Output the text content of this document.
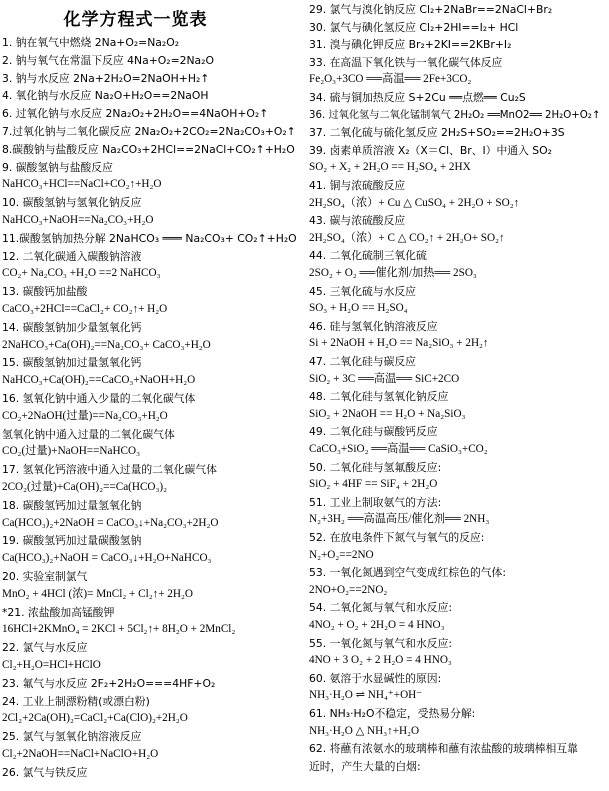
化学方程式一览表
1. 钠在氧气中燃烧 2Na+O₂=Na₂O₂
2. 钠与氧气在常温下反应 4Na+O₂=2Na₂O
3. 钠与水反应 2Na+2H₂O=2NaOH+H₂↑
4. 氧化钠与水反应 Na₂O+H₂O==2NaOH
6. 过氧化钠与水反应 2Na₂O₂+2H₂O==4NaOH+O₂↑
7.过氧化钠与二氧化碳反应 2Na₂O₂+2CO₂=2Na₂CO₃+O₂↑
8.碳酸钠与盐酸反应 Na₂CO₃+2HCl==2NaCl+CO₂↑+H₂O
9. 碳酸氢钠与盐酸反应
NaHCO₃+HCl==NaCl+CO₂↑+H₂O
10. 碳酸氢钠与氢氧化钠反应
NaHCO₃+NaOH==Na₂CO₃+H₂O
11.碳酸氢钠加热分解 2NaHCO₃ ═══ Na₂CO₃+ CO₂↑+H₂O
12. 二氧化碳通入碳酸钠溶液
CO₂+ Na₂CO₃ +H₂O ==2 NaHCO₃
13. 碳酸钙加盐酸
CaCO₃+2HCl==CaCl₂+ CO₂↑+ H₂O
14. 碳酸氢钠加少量氢氧化钙
2NaHCO₃+Ca(OH)₂==Na₂CO₃+ CaCO₃+H₂O
15. 碳酸氢钠加过量氢氧化钙
NaHCO₃+Ca(OH)₂==CaCO₃+NaOH+H₂O
16. 氢氧化钠中通入少量的二氧化碳气体
CO₂+2NaOH(过量)==Na₂CO₃+H₂O
氢氧化钠中通入过量的二氧化碳气体
CO₂(过量)+NaOH==NaHCO₃
17. 氢氧化钙溶液中通入过量的二氧化碳气体
2CO₂(过量)+Ca(OH)₂==Ca(HCO₃)₂
18. 碳酸氢钙加过量氢氧化钠
Ca(HCO₃)₂+2NaOH = CaCO₃↓+Na₂CO₃+2H₂O
19. 碳酸氢钙加过量碳酸氢钠
Ca(HCO₃)₂+NaOH = CaCO₃↓+H₂O+NaHCO₃
20. 实验室制氯气
MnO₂ + 4HCl (浓)= MnCl₂ + Cl₂↑+ 2H₂O
*21. 浓盐酸加高锰酸钾
16HCl+2KMnO₄ = 2KCl + 5Cl₂↑+ 8H₂O + 2MnCl₂
22. 氯气与水反应
Cl₂+H₂O=HCl+HClO
23. 氟气与水反应 2F₂+2H₂O===4HF+O₂
24. 工业上制漂粉精(或漂白粉)
2Cl₂+2Ca(OH)₂=CaCl₂+Ca(ClO)₂+2H₂O
25. 氯气与氢氧化钠溶液反应
Cl₂+2NaOH==NaCl+NaClO+H₂O
26. 氯气与铁反应
29. 氯气与溴化钠反应 Cl₂+2NaBr==2NaCl+Br₂
30. 氯气与碘化氢反应 Cl₂+2HI==I₂+ HCl
31. 溴与碘化钾反应 Br₂+2KI==2KBr+I₂
33. 在高温下氧化铁与一氧化碳气体反应
Fe₂O₃+3CO ══高温══ 2Fe+3CO₂
34. 硫与铜加热反应 S+2Cu ══点燃══ Cu₂S
36. 过氧化氢与二氧化锰制氧气 2H₂O₂ ══MnO2══ 2H₂O+O₂↑
37. 二氧化硫与硫化氢反应 2H₂S+SO₂==2H₂O+3S
39. 卤素单质溶液 X₂（X＝Cl、Br、I）中通入 SO₂
SO₂ + X₂ + 2H₂O == H₂SO₄ + 2HX
41. 铜与浓硫酸反应
2H₂SO₄（浓）+ Cu △ CuSO₄ + 2H₂O + SO₂↑
43. 碳与浓硫酸反应
2H₂SO₄（浓）+ C △ CO₂↑ + 2H₂O+ SO₂↑
44. 二氧化硫制三氧化硫
2SO₂ + O₂ ══催化剂/加热══ 2SO₃
45. 三氧化硫与水反应
SO₃ + H₂O == H₂SO₄
46. 硅与氢氧化钠溶液反应
Si + 2NaOH + H₂O == Na₂SiO₃ + 2H₂↑
47. 二氧化硅与碳反应
SiO₂ + 3C ══高温══ SiC+2CO
48. 二氧化硅与氢氧化钠反应
SiO₂ + 2NaOH == H₂O + Na₂SiO₃
49. 二氧化硅与碳酸钙反应
CaCO₃+SiO₂ ══高温══ CaSiO₃+CO₂
50. 二氧化硅与氢氟酸反应:
SiO₂ + 4HF == SiF₄ + 2H₂O
51. 工业上制取氨气的方法:
N₂+3H₂ ══高温高压/催化剂══ 2NH₃
52. 在放电条件下氮气与氧气的反应:
N₂+O₂==2NO
53. 一氧化氮遇到空气变成红棕色的气体:
2NO+O₂==2NO₂
54. 二氧化氮与氧气和水反应:
4NO₂ + O₂ + 2H₂O = 4 HNO₃
55. 一氧化氮与氧气和水反应:
4NO + 3 O₂ + 2 H₂O = 4 HNO₃
60. 氨溶于水显碱性的原因:
NH₃·H₂O ⇌ NH₄⁺+OH⁻
61. NH₃·H₂O不稳定，受热易分解:
NH₃·H₂O △ NH₃↑+H₂O
62. 将蘸有浓氨水的玻璃棒和蘸有浓盐酸的玻璃棒相互靠
近时，产生大量的白烟:
